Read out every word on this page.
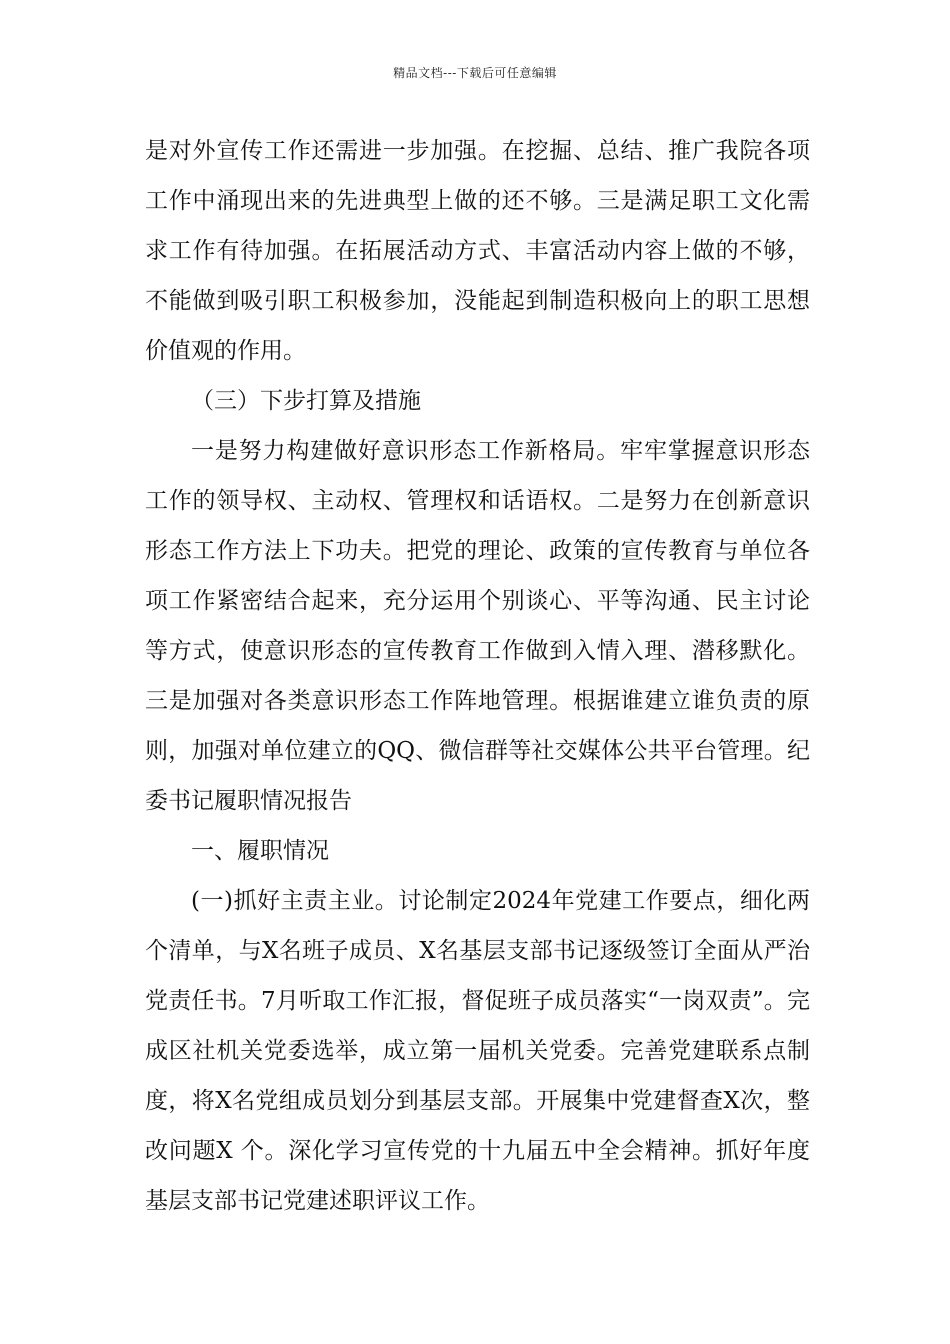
精品文档---下载后可任意编辑

是对外宣传工作还需进一步加强。在挖掘、总结、推广我院各项工作中涌现出来的先进典型上做的还不够。三是满足职工文化需求工作有待加强。在拓展活动方式、丰富活动内容上做的不够，不能做到吸引职工积极参加，没能起到制造积极向上的职工思想价值观的作用。

（三）下步打算及措施

一是努力构建做好意识形态工作新格局。牢牢掌握意识形态工作的领导权、主动权、管理权和话语权。二是努力在创新意识形态工作方法上下功夫。把党的理论、政策的宣传教育与单位各项工作紧密结合起来，充分运用个别谈心、平等沟通、民主讨论等方式，使意识形态的宣传教育工作做到入情入理、潜移默化。三是加强对各类意识形态工作阵地管理。根据谁建立谁负责的原则，加强对单位建立的QQ、微信群等社交媒体公共平台管理。纪委书记履职情况报告

一、履职情况

(一)抓好主责主业。讨论制定2024年党建工作要点，细化两个清单，与X名班子成员、X名基层支部书记逐级签订全面从严治党责任书。7月听取工作汇报，督促班子成员落实“一岗双责”。完成区社机关党委选举，成立第一届机关党委。完善党建联系点制度，将X名党组成员划分到基层支部。开展集中党建督查X次，整改问题X 个。深化学习宣传党的十九届五中全会精神。抓好年度基层支部书记党建述职评议工作。
